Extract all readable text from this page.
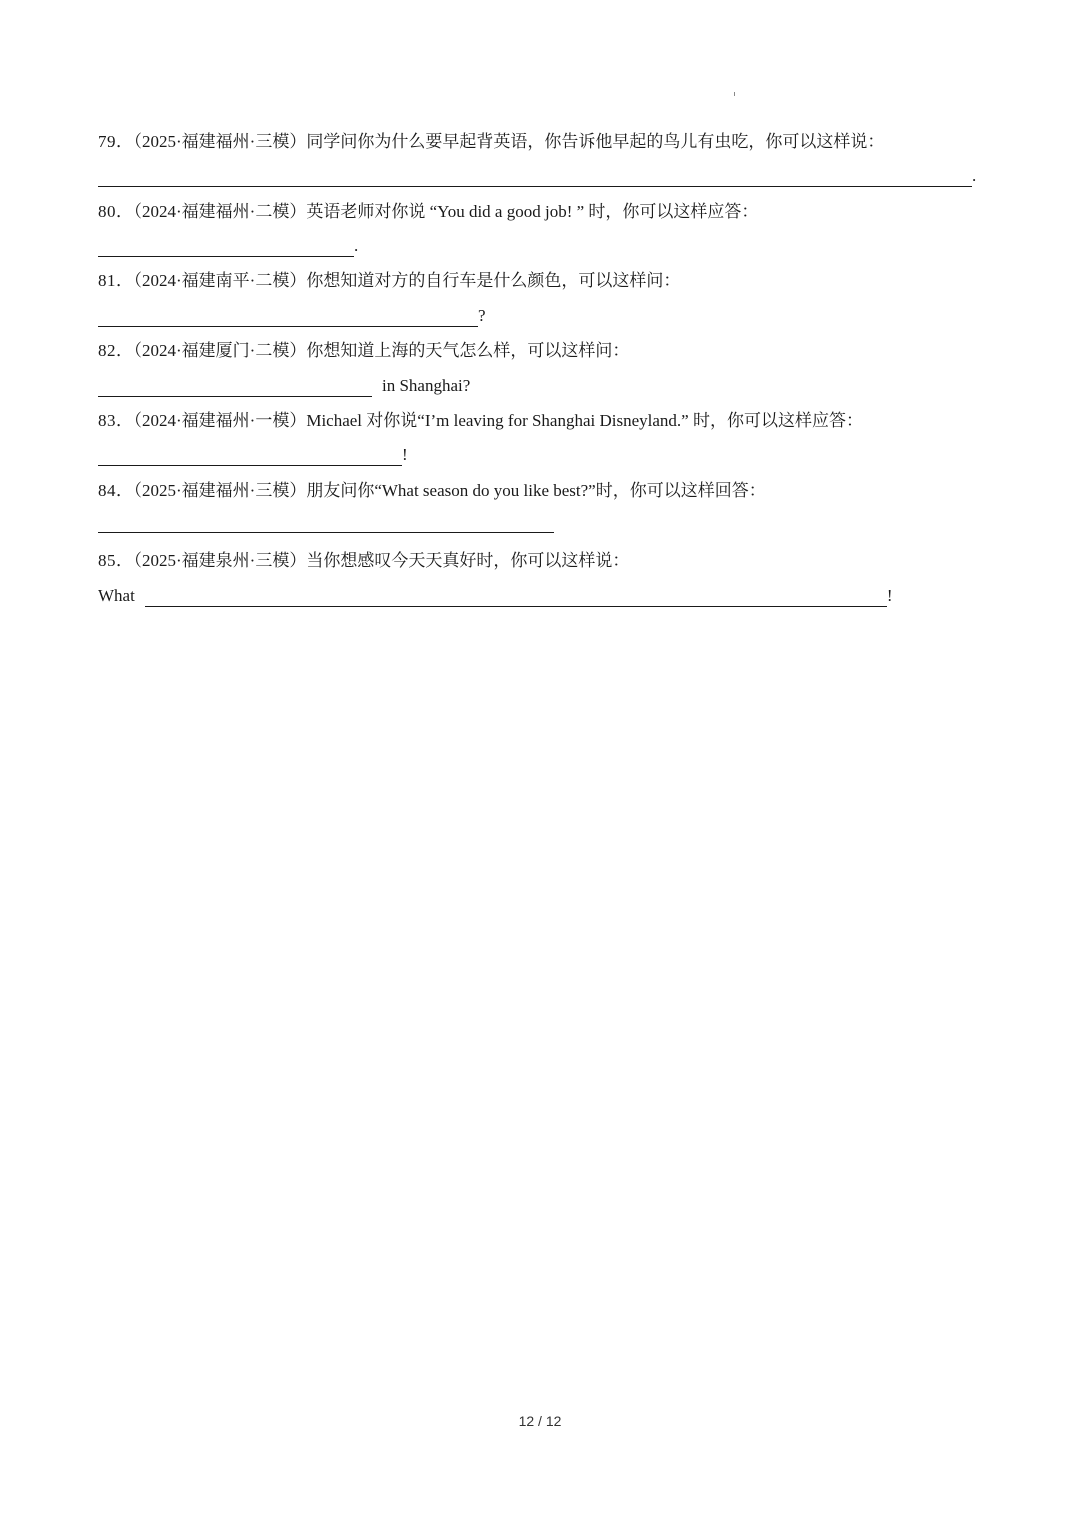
79．（2025·福建福州·三模）同学问你为什么要早起背英语，你告诉他早起的鸟儿有虫吃，你可以这样说：
.
80．（2024·福建福州·二模）英语老师对你说 “You did a good job! ” 时，你可以这样应答：
.
81．（2024·福建南平·二模）你想知道对方的自行车是什么颜色，可以这样问：
?
82．（2024·福建厦门·二模）你想知道上海的天气怎么样，可以这样问：
in Shanghai?
83．（2024·福建福州·一模）Michael 对你说“I’m leaving for Shanghai Disneyland.” 时，你可以这样应答：
!
84．（2025·福建福州·三模）朋友问你“What season do you like best?”时，你可以这样回答：
85．（2025·福建泉州·三模）当你想感叹今天天真好时，你可以这样说：
What	!
12 / 12
